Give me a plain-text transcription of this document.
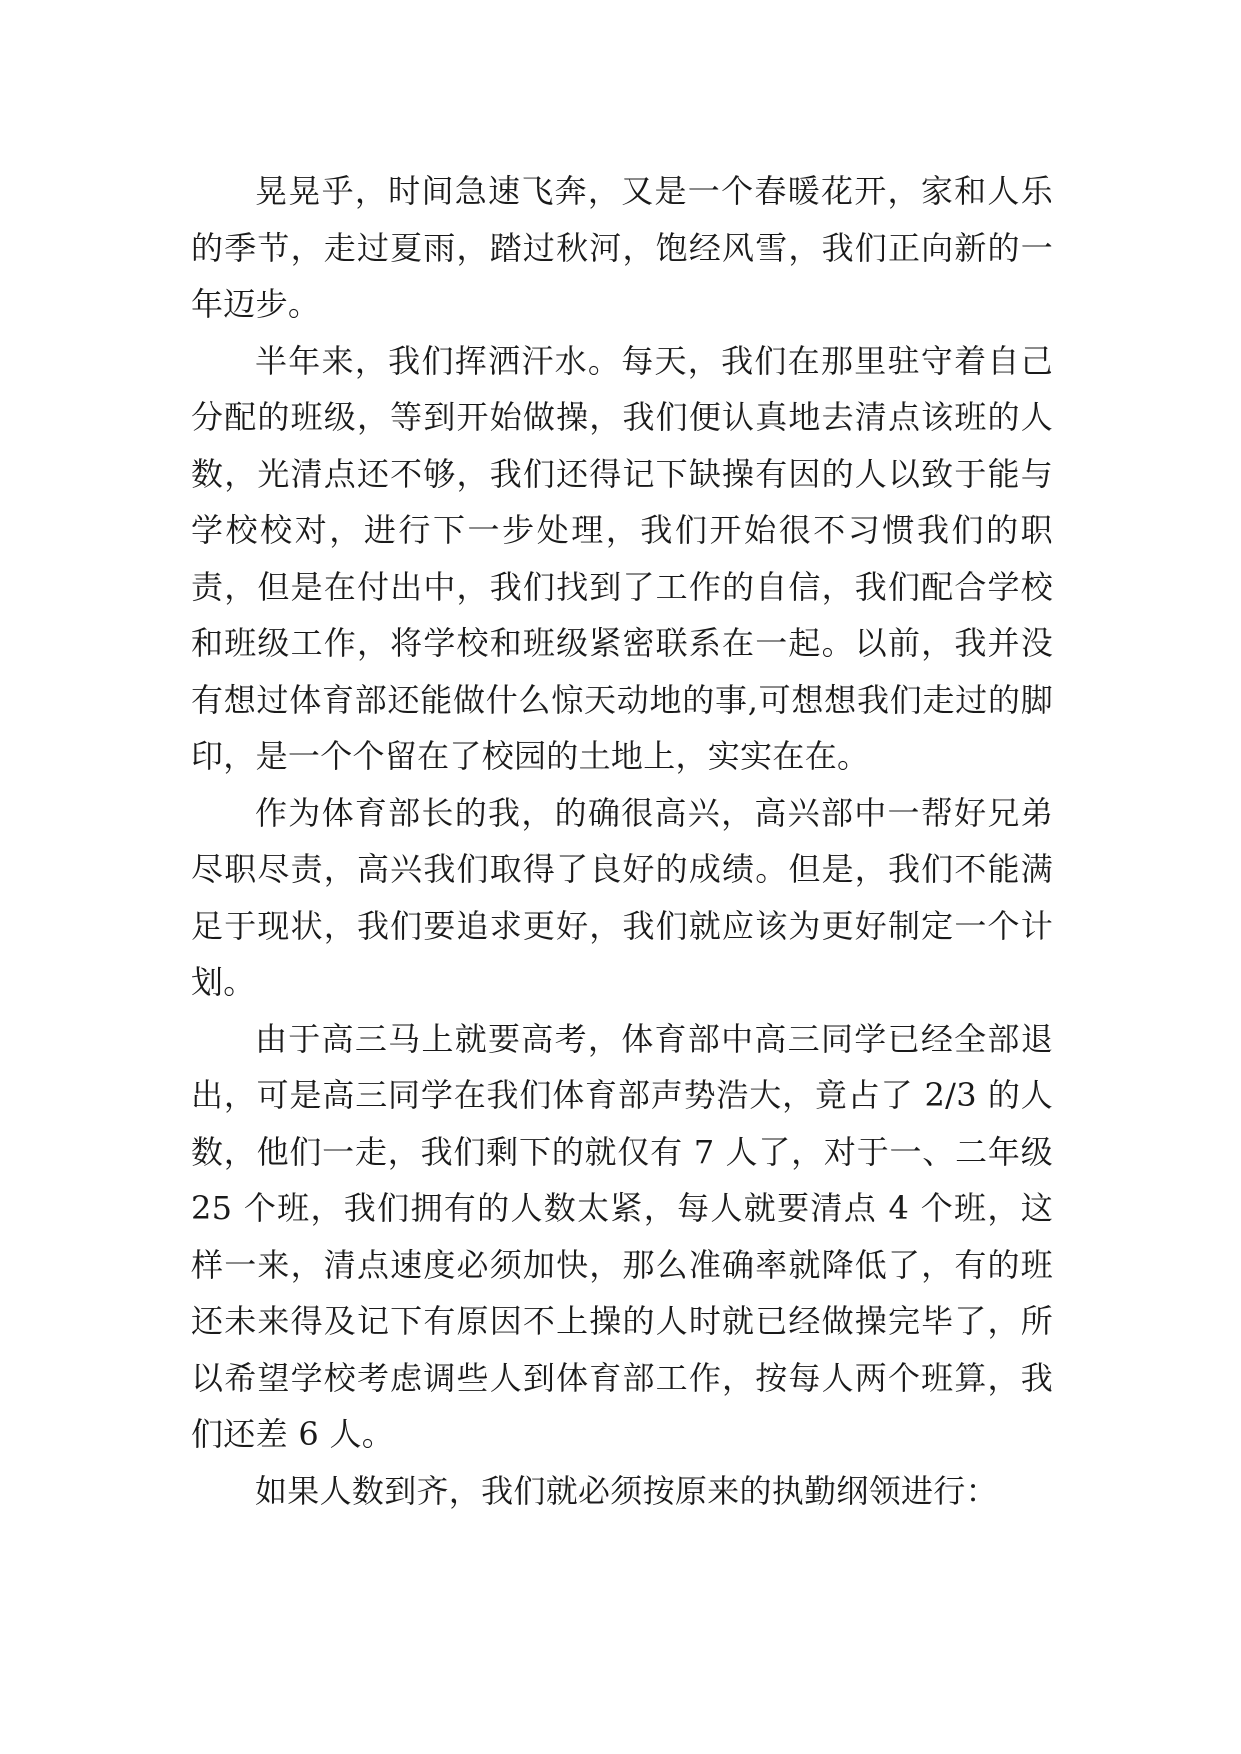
晃晃乎，时间急速飞奔，又是一个春暖花开，家和人乐的季节，走过夏雨，踏过秋河，饱经风雪，我们正向新的一年迈步。

半年来，我们挥洒汗水。每天，我们在那里驻守着自己分配的班级，等到开始做操，我们便认真地去清点该班的人数，光清点还不够，我们还得记下缺操有因的人以致于能与学校校对，进行下一步处理，我们开始很不习惯我们的职责，但是在付出中，我们找到了工作的自信，我们配合学校和班级工作，将学校和班级紧密联系在一起。以前，我并没有想过体育部还能做什么惊天动地的事,可想想我们走过的脚印，是一个个留在了校园的土地上，实实在在。

作为体育部长的我，的确很高兴，高兴部中一帮好兄弟尽职尽责，高兴我们取得了良好的成绩。但是，我们不能满足于现状，我们要追求更好，我们就应该为更好制定一个计划。

由于高三马上就要高考，体育部中高三同学已经全部退出，可是高三同学在我们体育部声势浩大，竟占了 2/3 的人数，他们一走，我们剩下的就仅有 7 人了，对于一、二年级25 个班，我们拥有的人数太紧，每人就要清点 4 个班，这样一来，清点速度必须加快，那么准确率就降低了，有的班还未来得及记下有原因不上操的人时就已经做操完毕了，所以希望学校考虑调些人到体育部工作，按每人两个班算，我们还差 6 人。

如果人数到齐，我们就必须按原来的执勤纲领进行：
